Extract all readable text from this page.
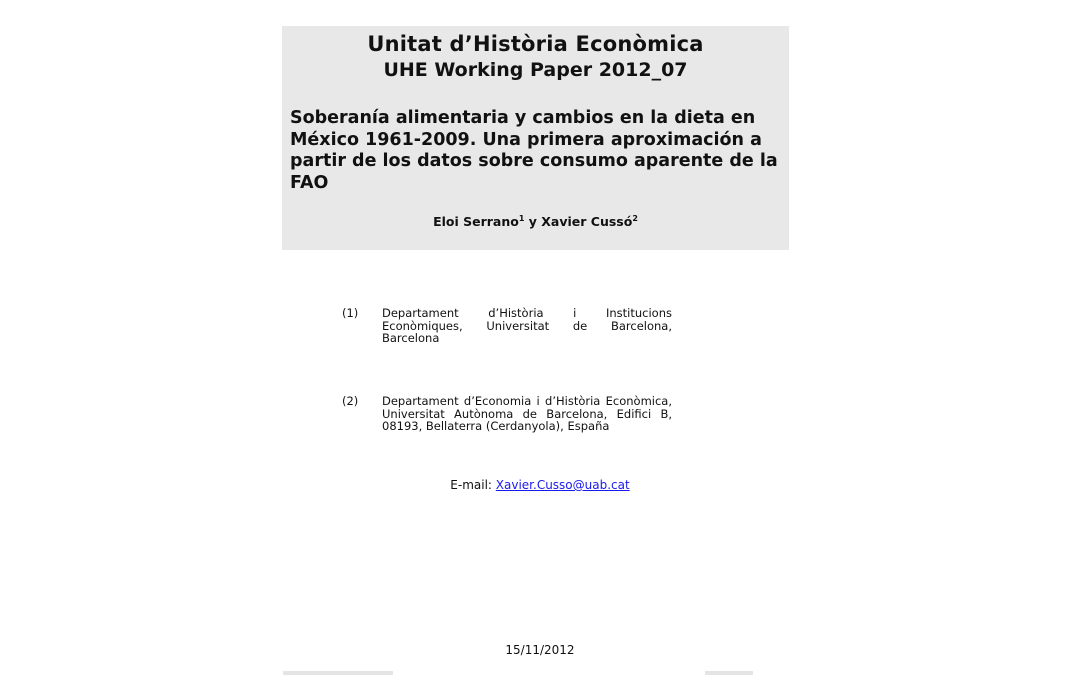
Unitat d’Història Econòmica
UHE Working Paper 2012_07
Soberanía alimentaria y cambios en la dieta en México 1961-2009. Una primera aproximación a partir de los datos sobre consumo aparente de la FAO
Eloi Serrano$^1$ y Xavier Cussó$^2$
(1)	Departament d’Història i Institucions Econòmiques, Universitat de Barcelona, Barcelona
(2)	Departament d’Economia i d’Història Econòmica, Universitat Autònoma de Barcelona, Edifici B, 08193, Bellaterra (Cerdanyola), España
E-mail: Xavier.Cusso@uab.cat
15/11/2012
